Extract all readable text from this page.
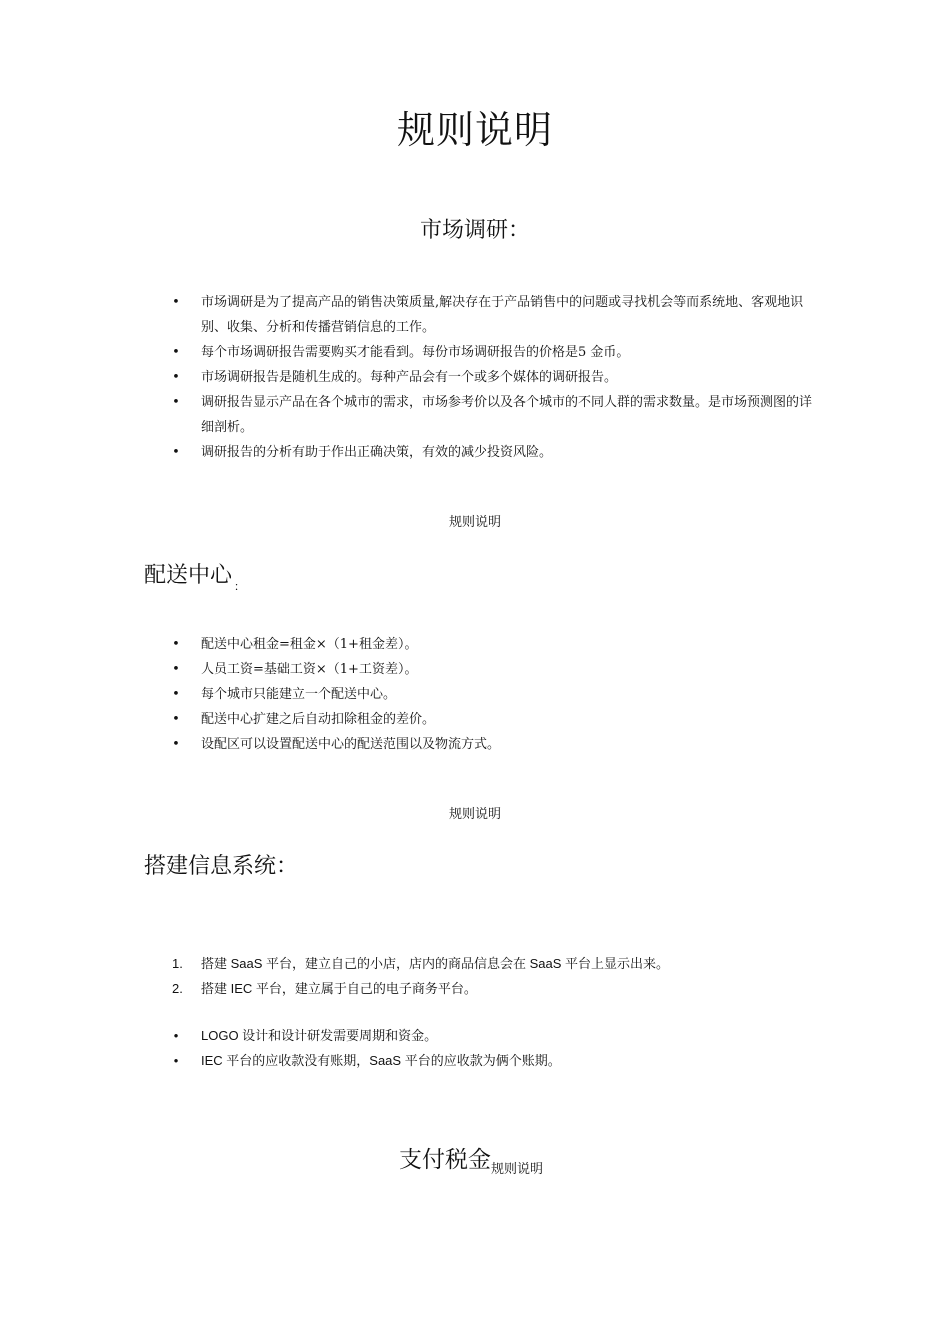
规则说明
市场调研：
• 市场调研是为了提高产品的销售决策质量,解决存在于产品销售中的问题或寻找机会等而系统地、客观地识别、收集、分析和传播营销信息的工作。
• 每个市场调研报告需要购买才能看到。每份市场调研报告的价格是5 金币。
• 市场调研报告是随机生成的。每种产品会有一个或多个媒体的调研报告。
• 调研报告显示产品在各个城市的需求，市场参考价以及各个城市的不同人群的需求数量。是市场预测图的详细剖析。
• 调研报告的分析有助于作出正确决策，有效的减少投资风险。
规则说明
配送中心 $_:$
• 配送中心租金=租金×（1+租金差）。
• 人员工资=基础工资×（1+工资差）。
• 每个城市只能建立一个配送中心。
• 配送中心扩建之后自动扣除租金的差价。
• 设配区可以设置配送中心的配送范围以及物流方式。
规则说明
搭建信息系统：
1. 搭建 SaaS 平台，建立自己的小店，店内的商品信息会在 SaaS 平台上显示出来。
2. 搭建 IEC 平台，建立属于自己的电子商务平台。
• LOGO 设计和设计研发需要周期和资金。
• IEC 平台的应收款没有账期，SaaS 平台的应收款为俩个账期。
支付税金$_{规则说明}$
